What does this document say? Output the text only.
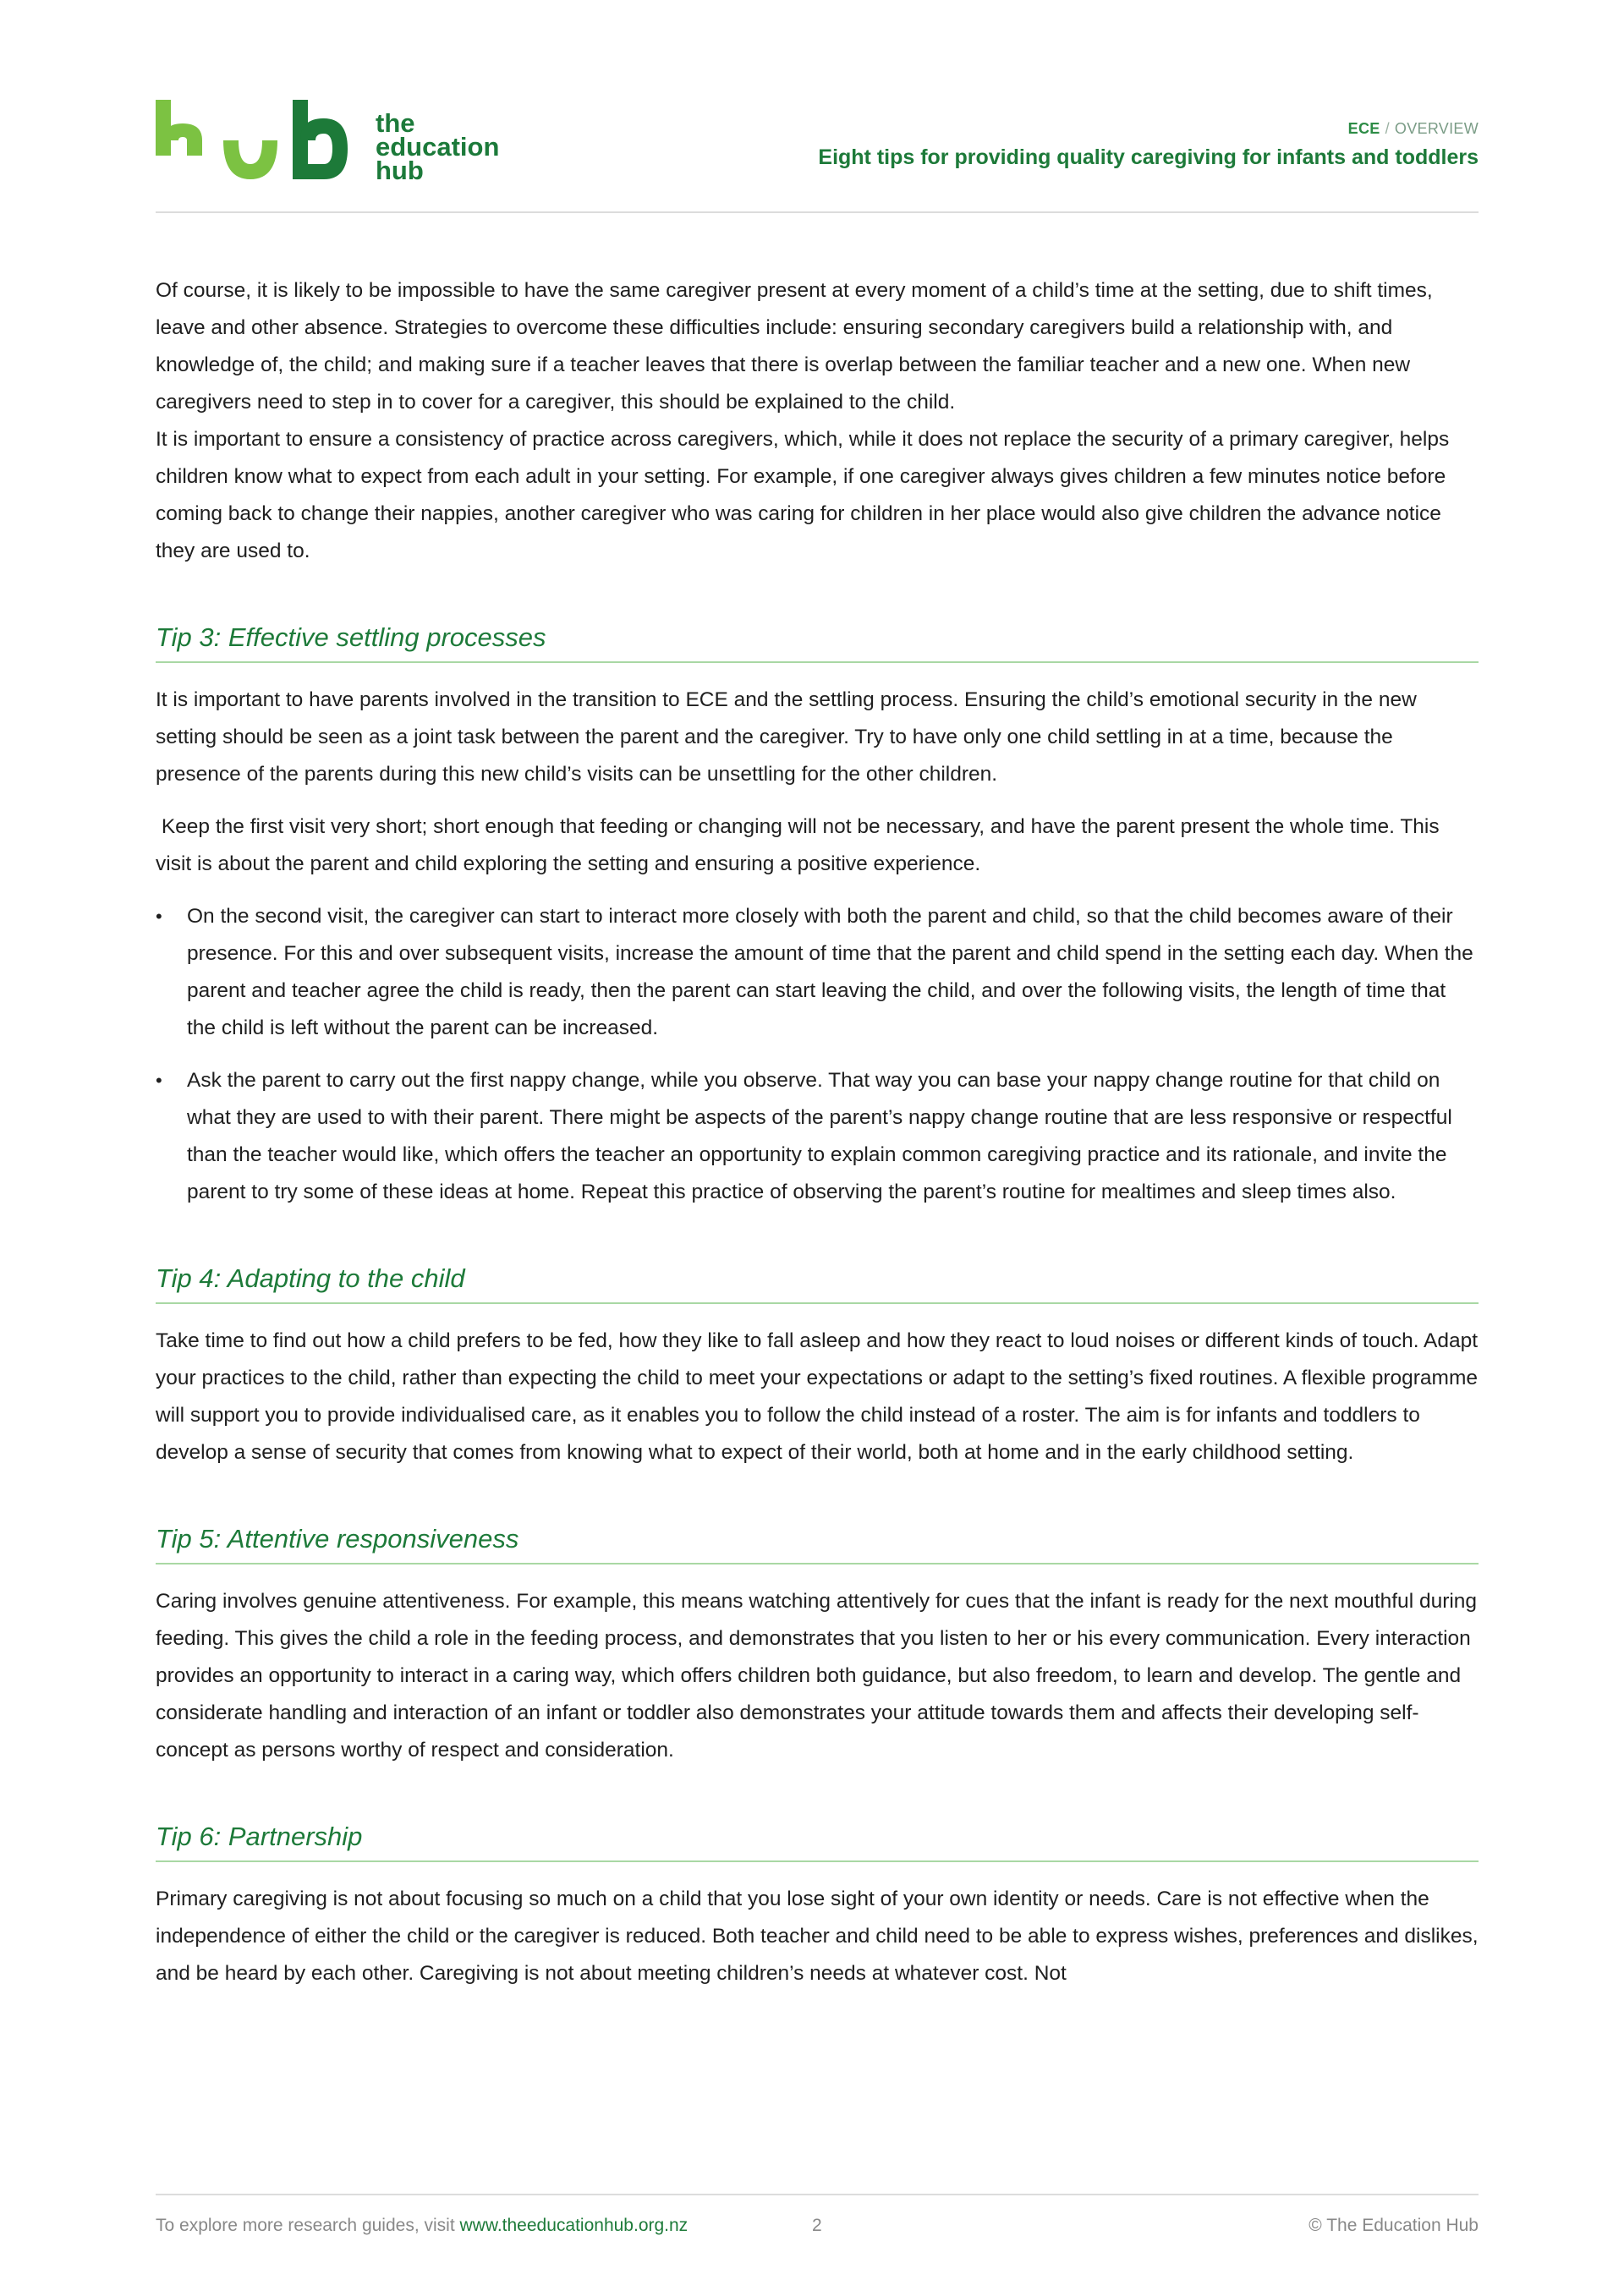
the
education
hub
ECE / OVERVIEW
Eight tips for providing quality caregiving for infants and toddlers

Of course, it is likely to be impossible to have the same caregiver present at every moment of a child’s time at the setting, due to shift times, leave and other absence. Strategies to overcome these difficulties include: ensuring secondary caregivers build a relationship with, and knowledge of, the child; and making sure if a teacher leaves that there is overlap between the familiar teacher and a new one. When new caregivers need to step in to cover for a caregiver, this should be explained to the child.

It is important to ensure a consistency of practice across caregivers, which, while it does not replace the security of a primary caregiver, helps children know what to expect from each adult in your setting. For example, if one caregiver always gives children a few minutes notice before coming back to change their nappies, another caregiver who was caring for children in her place would also give children the advance notice they are used to.

Tip 3: Effective settling processes

It is important to have parents involved in the transition to ECE and the settling process. Ensuring the child’s emotional security in the new setting should be seen as a joint task between the parent and the caregiver. Try to have only one child settling in at a time, because the presence of the parents during this new child’s visits can be unsettling for the other children.

Keep the first visit very short; short enough that feeding or changing will not be necessary, and have the parent present the whole time. This visit is about the parent and child exploring the setting and ensuring a positive experience.

• On the second visit, the caregiver can start to interact more closely with both the parent and child, so that the child becomes aware of their presence. For this and over subsequent visits, increase the amount of time that the parent and child spend in the setting each day. When the parent and teacher agree the child is ready, then the parent can start leaving the child, and over the following visits, the length of time that the child is left without the parent can be increased.
• Ask the parent to carry out the first nappy change, while you observe. That way you can base your nappy change routine for that child on what they are used to with their parent. There might be aspects of the parent’s nappy change routine that are less responsive or respectful than the teacher would like, which offers the teacher an opportunity to explain common caregiving practice and its rationale, and invite the parent to try some of these ideas at home. Repeat this practice of observing the parent’s routine for mealtimes and sleep times also.
Tip 4: Adapting to the child

Take time to find out how a child prefers to be fed, how they like to fall asleep and how they react to loud noises or different kinds of touch. Adapt your practices to the child, rather than expecting the child to meet your expectations or adapt to the setting’s fixed routines. A flexible programme will support you to provide individualised care, as it enables you to follow the child instead of a roster. The aim is for infants and toddlers to develop a sense of security that comes from knowing what to expect of their world, both at home and in the early childhood setting.

Tip 5: Attentive responsiveness

Caring involves genuine attentiveness. For example, this means watching attentively for cues that the infant is ready for the next mouthful during feeding. This gives the child a role in the feeding process, and demonstrates that you listen to her or his every communication. Every interaction provides an opportunity to interact in a caring way, which offers children both guidance, but also freedom, to learn and develop. The gentle and considerate handling and interaction of an infant or toddler also demonstrates your attitude towards them and affects their developing self-concept as persons worthy of respect and consideration.

Tip 6: Partnership

Primary caregiving is not about focusing so much on a child that you lose sight of your own identity or needs. Care is not effective when the independence of either the child or the caregiver is reduced. Both teacher and child need to be able to express wishes, preferences and dislikes, and be heard by each other. Caregiving is not about meeting children’s needs at whatever cost. Not

To explore more research guides, visit www.theeducationhub.org.nz	2	© The Education Hub
